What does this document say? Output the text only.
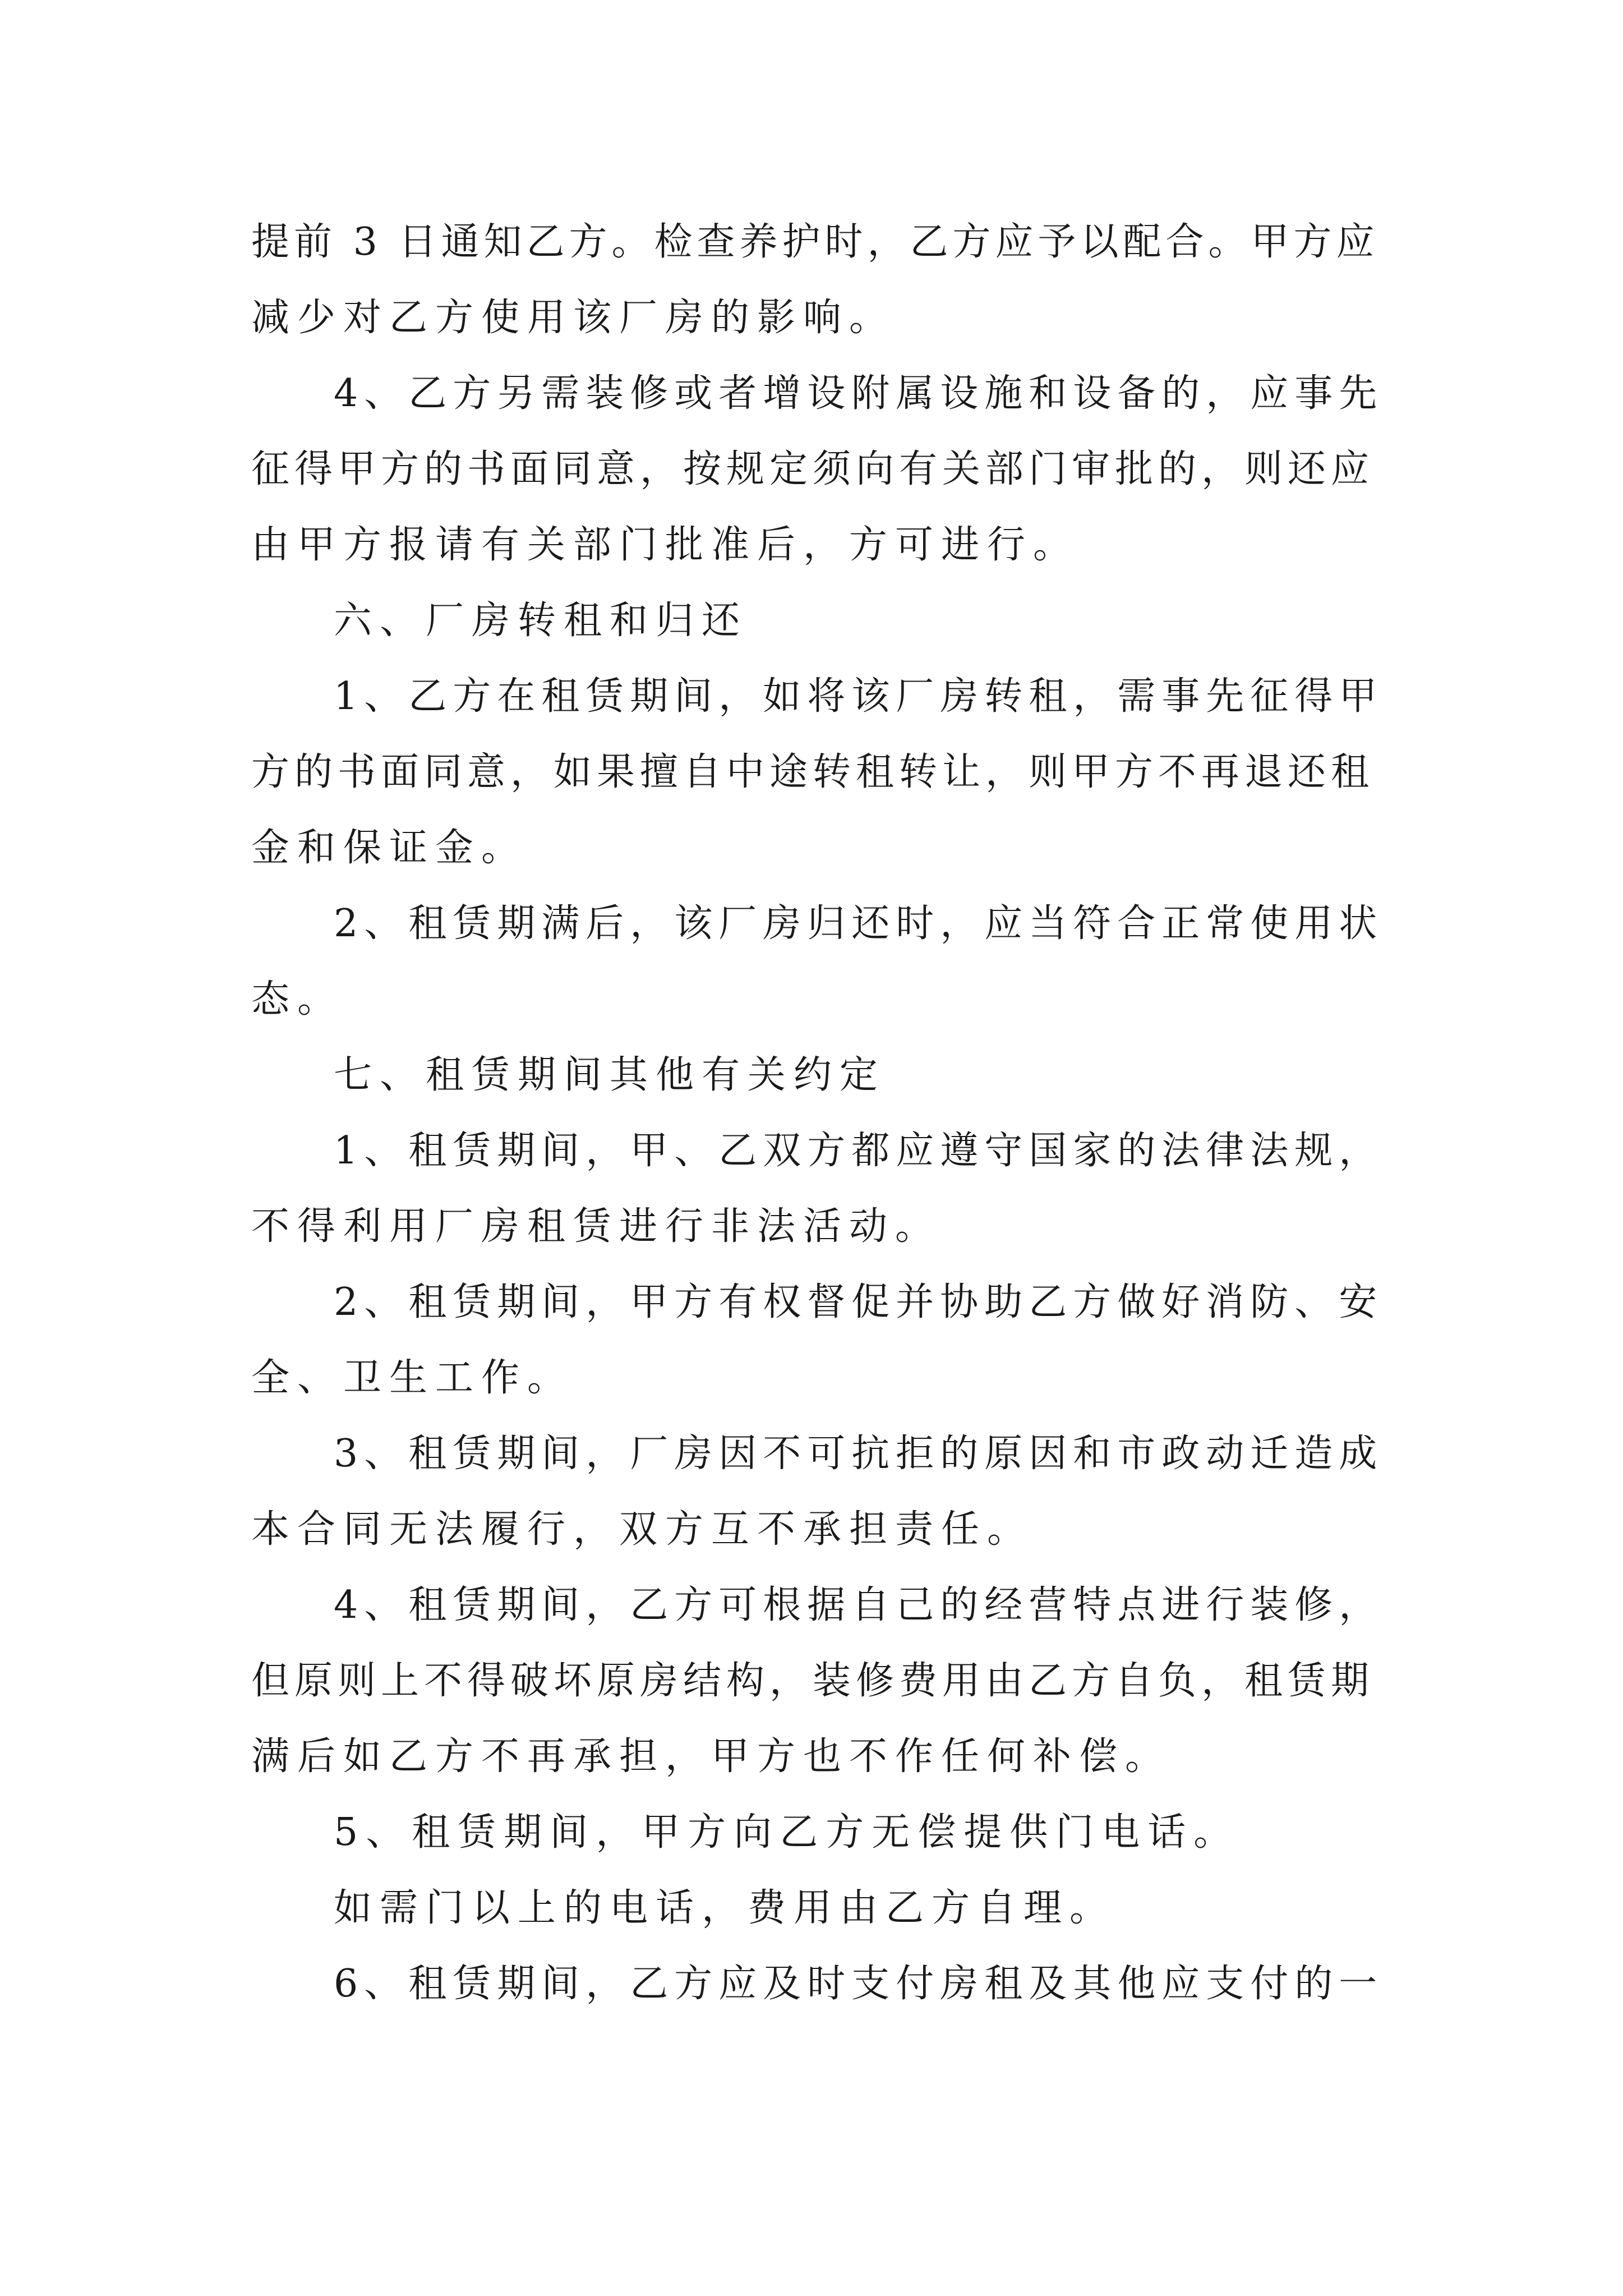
提前 3 日通知乙方。检查养护时，乙方应予以配合。甲方应
减少对乙方使用该厂房的影响。
4、乙方另需装修或者增设附属设施和设备的，应事先
征得甲方的书面同意，按规定须向有关部门审批的，则还应
由甲方报请有关部门批准后，方可进行。
六、厂房转租和归还
1、乙方在租赁期间，如将该厂房转租，需事先征得甲
方的书面同意，如果擅自中途转租转让，则甲方不再退还租
金和保证金。
2、租赁期满后，该厂房归还时，应当符合正常使用状
态。
七、租赁期间其他有关约定
1、租赁期间，甲、乙双方都应遵守国家的法律法规，
不得利用厂房租赁进行非法活动。
2、租赁期间，甲方有权督促并协助乙方做好消防、安
全、卫生工作。
3、租赁期间，厂房因不可抗拒的原因和市政动迁造成
本合同无法履行，双方互不承担责任。
4、租赁期间，乙方可根据自己的经营特点进行装修，
但原则上不得破坏原房结构，装修费用由乙方自负，租赁期
满后如乙方不再承担，甲方也不作任何补偿。
5、租赁期间，甲方向乙方无偿提供门电话。
如需门以上的电话，费用由乙方自理。
6、租赁期间，乙方应及时支付房租及其他应支付的一
